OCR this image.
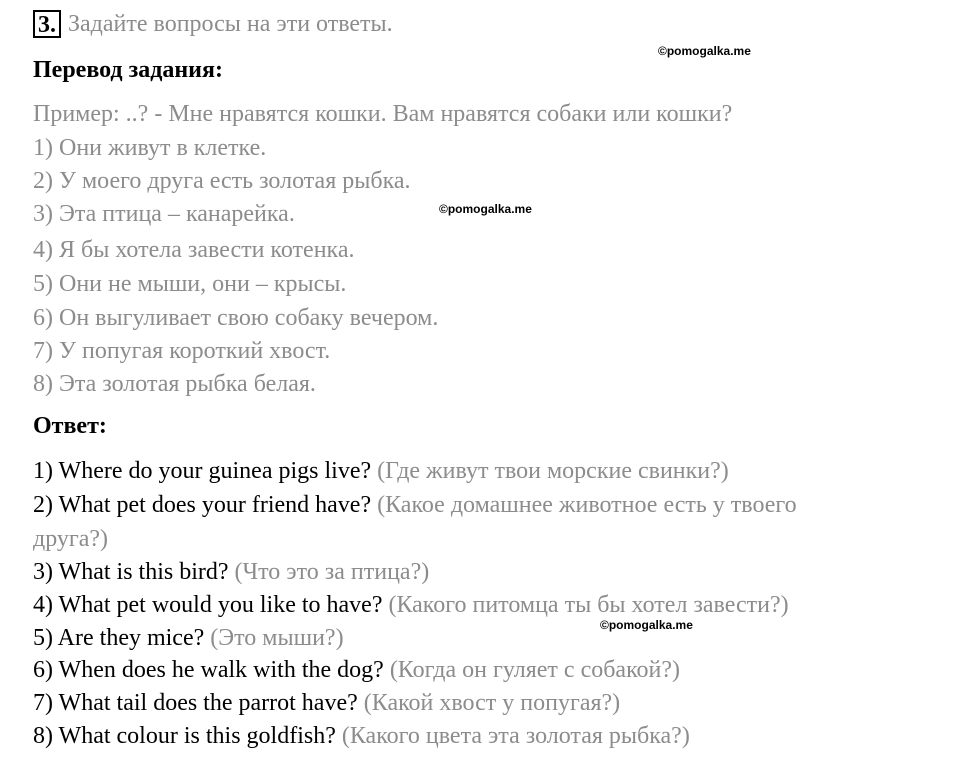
3. Задайте вопросы на эти ответы.
©pomogalka.me
Перевод задания:
Пример: ..? - Мне нравятся кошки. Вам нравятся собаки или кошки?
1) Они живут в клетке.
2) У моего друга есть золотая рыбка.
3) Эта птица – канарейка.	©pomogalka.me
4) Я бы хотела завести котенка.
5) Они не мыши, они – крысы.
6) Он выгуливает свою собаку вечером.
7) У попугая короткий хвост.
8) Эта золотая рыбка белая.
Ответ:
1) Where do your guinea pigs live? (Где живут твои морские свинки?)
2) What pet does your friend have? (Какое домашнее животное есть у твоего
друга?)
3) What is this bird? (Что это за птица?)
4) What pet would you like to have? (Какого питомца ты бы хотел завести?)
5) Are they mice? (Это мыши?)	©pomogalka.me
6) When does he walk with the dog? (Когда он гуляет с собакой?)
7) What tail does the parrot have? (Какой хвост у попугая?)
8) What colour is this goldfish? (Какого цвета эта золотая рыбка?)
